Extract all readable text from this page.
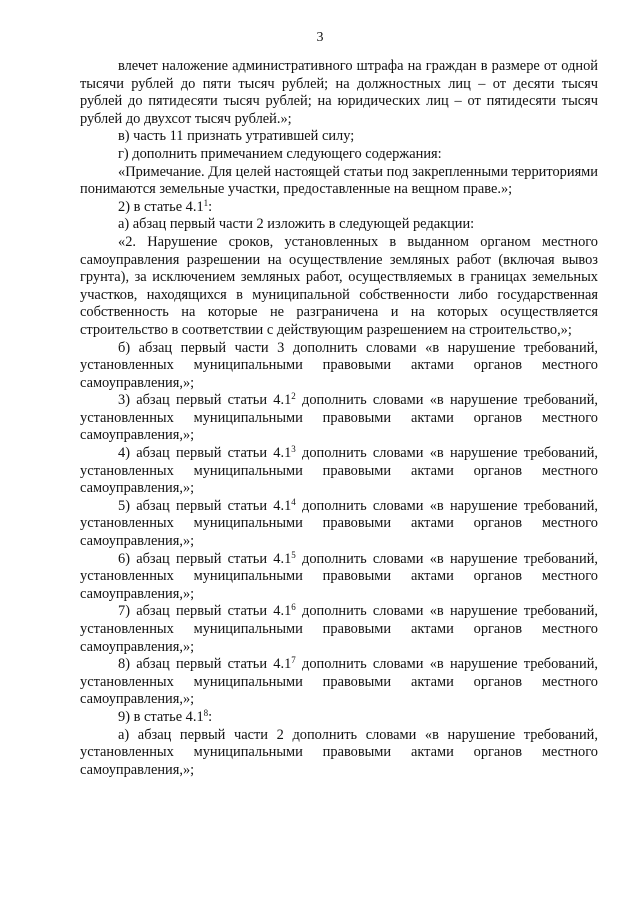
3

влечет наложение административного штрафа на граждан в размере от одной тысячи рублей до пяти тысяч рублей; на должностных лиц – от десяти тысяч рублей до пятидесяти тысяч рублей; на юридических лиц – от пятидесяти тысяч рублей до двухсот тысяч рублей.»;

в) часть 11 признать утратившей силу;

г) дополнить примечанием следующего содержания:

«Примечание. Для целей настоящей статьи под закрепленными территориями понимаются земельные участки, предоставленные на вещном праве.»;

2) в статье $4.1^1$:

а) абзац первый части 2 изложить в следующей редакции:

«2. Нарушение сроков, установленных в выданном органом местного самоуправления разрешении на осуществление земляных работ (включая вывоз грунта), за исключением земляных работ, осуществляемых в границах земельных участков, находящихся в муниципальной собственности либо государственная собственность на которые не разграничена и на которых осуществляется строительство в соответствии с действующим разрешением на строительство,»;

б) абзац первый части 3 дополнить словами «в нарушение требований, установленных муниципальными правовыми актами органов местного самоуправления,»;

3) абзац первый статьи $4.1^2$ дополнить словами «в нарушение требований, установленных муниципальными правовыми актами органов местного самоуправления,»;

4) абзац первый статьи $4.1^3$ дополнить словами «в нарушение требований, установленных муниципальными правовыми актами органов местного самоуправления,»;

5) абзац первый статьи $4.1^4$ дополнить словами «в нарушение требований, установленных муниципальными правовыми актами органов местного самоуправления,»;

6) абзац первый статьи $4.1^5$ дополнить словами «в нарушение требований, установленных муниципальными правовыми актами органов местного самоуправления,»;

7) абзац первый статьи $4.1^6$ дополнить словами «в нарушение требований, установленных муниципальными правовыми актами органов местного самоуправления,»;

8) абзац первый статьи $4.1^7$ дополнить словами «в нарушение требований, установленных муниципальными правовыми актами органов местного самоуправления,»;

9) в статье $4.1^8$:

а) абзац первый части 2 дополнить словами «в нарушение требований, установленных муниципальными правовыми актами органов местного самоуправления,»;
